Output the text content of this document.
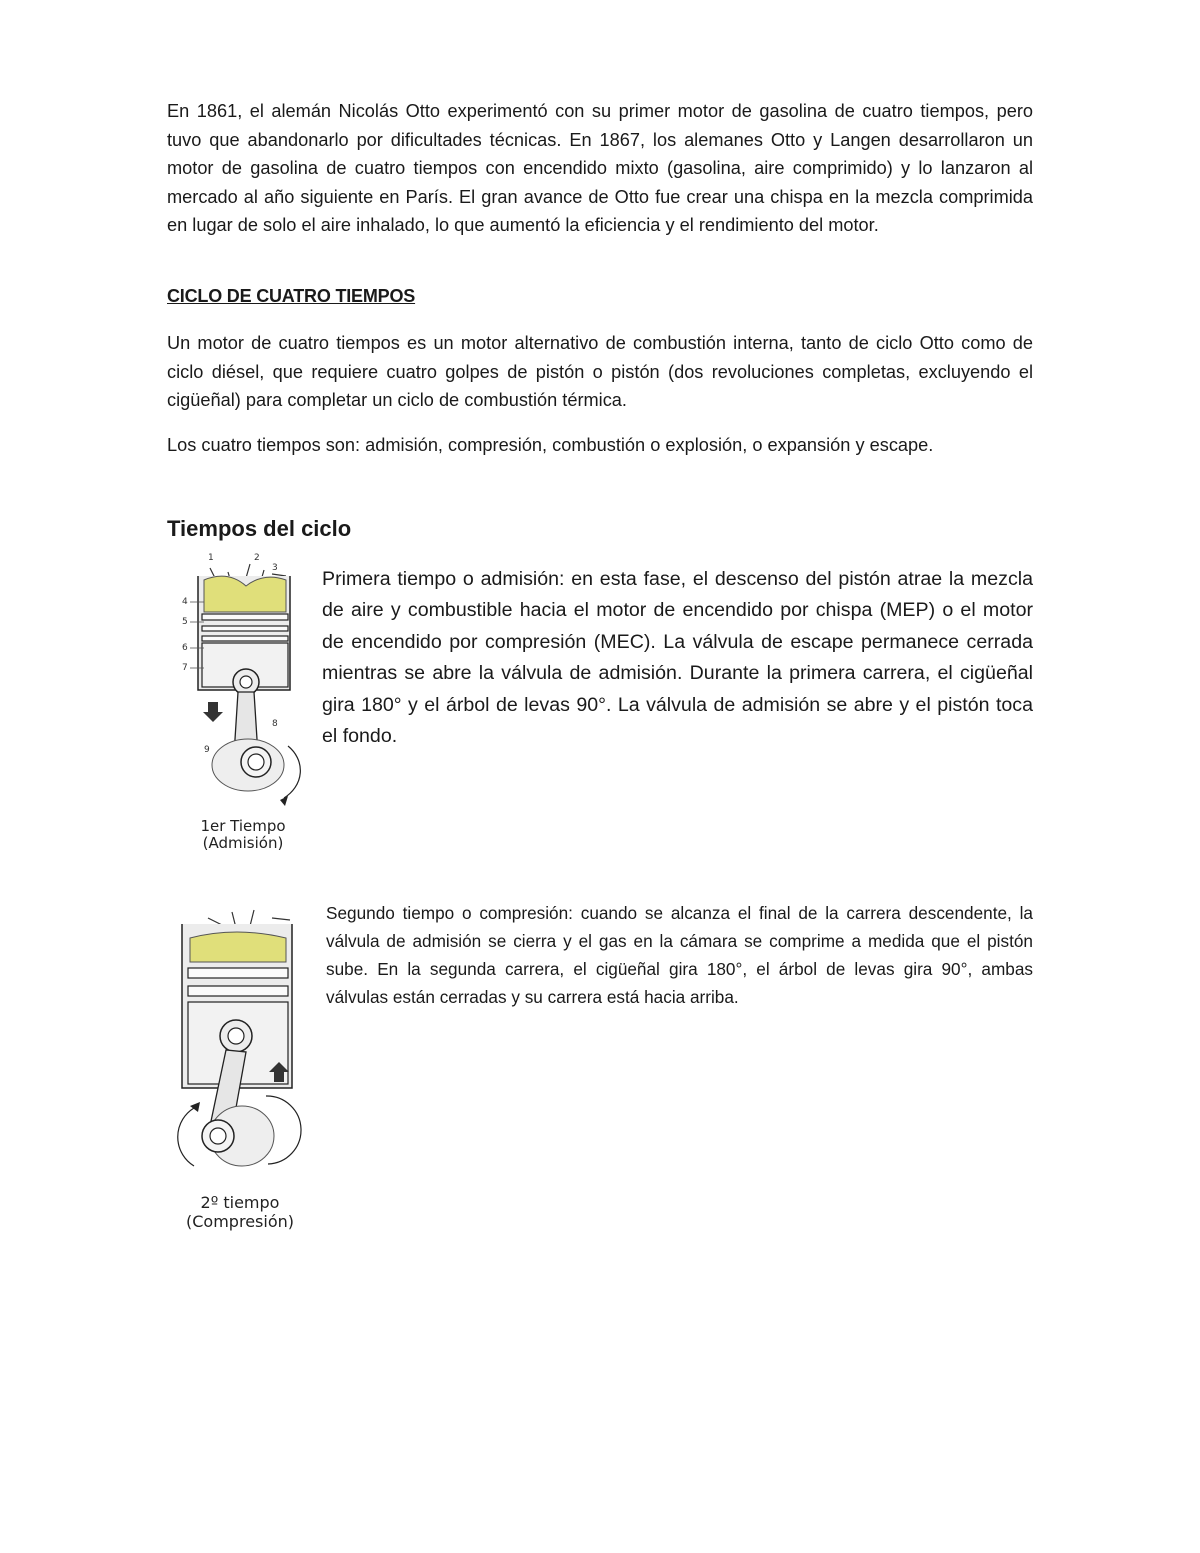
En 1861, el alemán Nicolás Otto experimentó con su primer motor de gasolina de cuatro tiempos, pero tuvo que abandonarlo por dificultades técnicas. En 1867, los alemanes Otto y Langen desarrollaron un motor de gasolina de cuatro tiempos con encendido mixto (gasolina, aire comprimido) y lo lanzaron al mercado al año siguiente en París. El gran avance de Otto fue crear una chispa en la mezcla comprimida en lugar de solo el aire inhalado, lo que aumentó la eficiencia y el rendimiento del motor.

CICLO DE CUATRO TIEMPOS

Un motor de cuatro tiempos es un motor alternativo de combustión interna, tanto de ciclo Otto como de ciclo diésel, que requiere cuatro golpes de pistón o pistón (dos revoluciones completas, excluyendo el cigüeñal) para completar un ciclo de combustión térmica.

Los cuatro tiempos son: admisión, compresión, combustión o explosión, o expansión y escape.

Tiempos del ciclo
1	2
3
4
5
6
7
8
9
1er Tiempo
(Admisión)

Primera tiempo o admisión: en esta fase, el descenso del pistón atrae la mezcla de aire y combustible hacia el motor de encendido por chispa (MEP) o el motor de encendido por compresión (MEC). La válvula de escape permanece cerrada mientras se abre la válvula de admisión. Durante la primera carrera, el cigüeñal gira 180° y el árbol de levas 90°. La válvula de admisión se abre y el pistón toca el fondo.

2º tiempo
(Compresión)

Segundo tiempo o compresión: cuando se alcanza el final de la carrera descendente, la válvula de admisión se cierra y el gas en la cámara se comprime a medida que el pistón sube. En la segunda carrera, el cigüeñal gira 180°, el árbol de levas gira 90°, ambas válvulas están cerradas y su carrera está hacia arriba.
